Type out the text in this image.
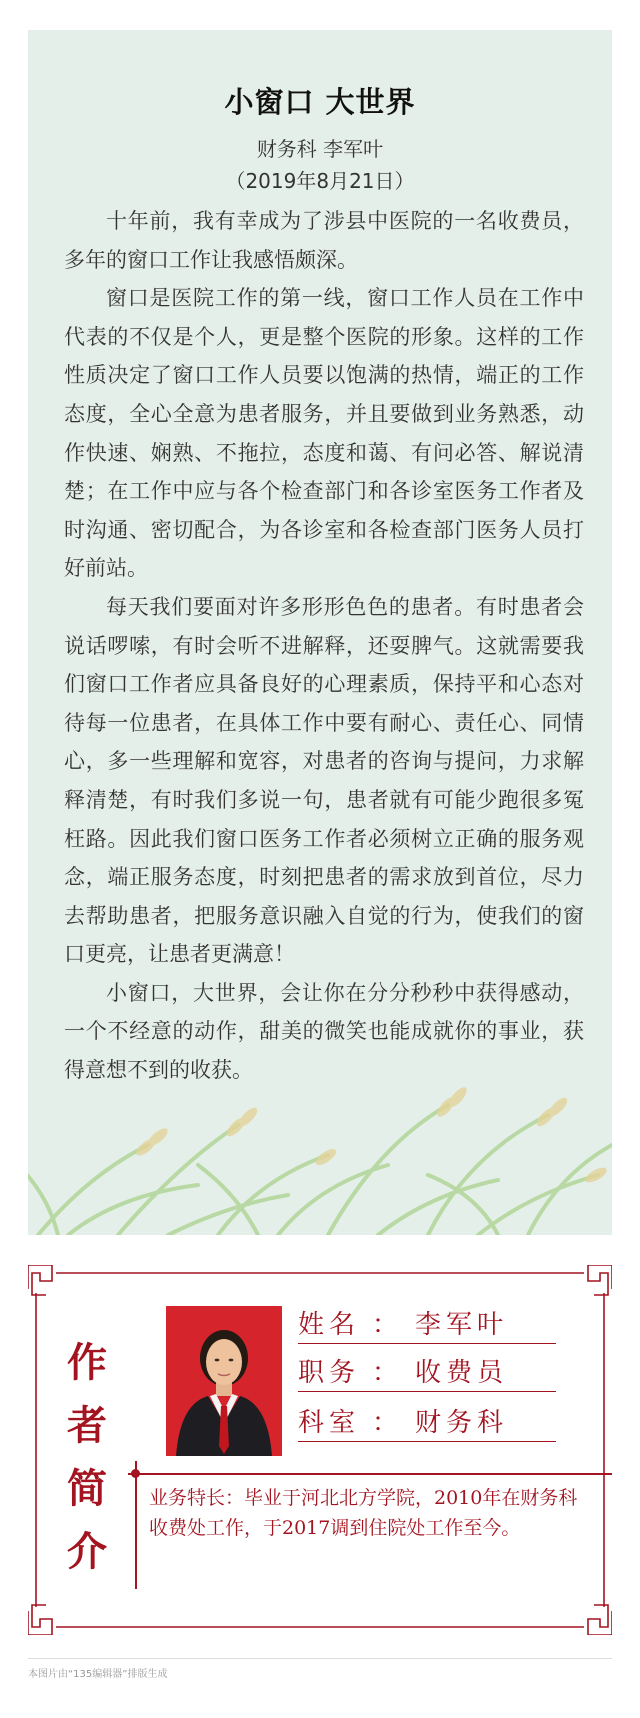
小窗口 大世界
财务科 李军叶
（2019年8月21日）

十年前，我有幸成为了涉县中医院的一名收费员，多年的窗口工作让我感悟颇深。

窗口是医院工作的第一线，窗口工作人员在工作中代表的不仅是个人，更是整个医院的形象。这样的工作性质决定了窗口工作人员要以饱满的热情，端正的工作态度，全心全意为患者服务，并且要做到业务熟悉，动作快速、娴熟、不拖拉，态度和蔼、有问必答、解说清楚；在工作中应与各个检查部门和各诊室医务工作者及时沟通、密切配合，为各诊室和各检查部门医务人员打好前站。

每天我们要面对许多形形色色的患者。有时患者会说话啰嗦，有时会听不进解释，还耍脾气。这就需要我们窗口工作者应具备良好的心理素质，保持平和心态对待每一位患者，在具体工作中要有耐心、责任心、同情心，多一些理解和宽容，对患者的咨询与提问，力求解释清楚，有时我们多说一句，患者就有可能少跑很多冤枉路。因此我们窗口医务工作者必须树立正确的服务观念，端正服务态度，时刻把患者的需求放到首位，尽力去帮助患者，把服务意识融入自觉的行为，使我们的窗口更亮，让患者更满意！

小窗口，大世界，会让你在分分秒秒中获得感动，一个不经意的动作，甜美的微笑也能成就你的事业，获得意想不到的收获。

作
者
简
介
姓名 ： 李军叶
职务 ： 收费员
科室 ： 财务科
业务特长：毕业于河北北方学院，2010年在财务科收费处工作，于2017调到住院处工作至今。
本图片由“135编辑器”排版生成
